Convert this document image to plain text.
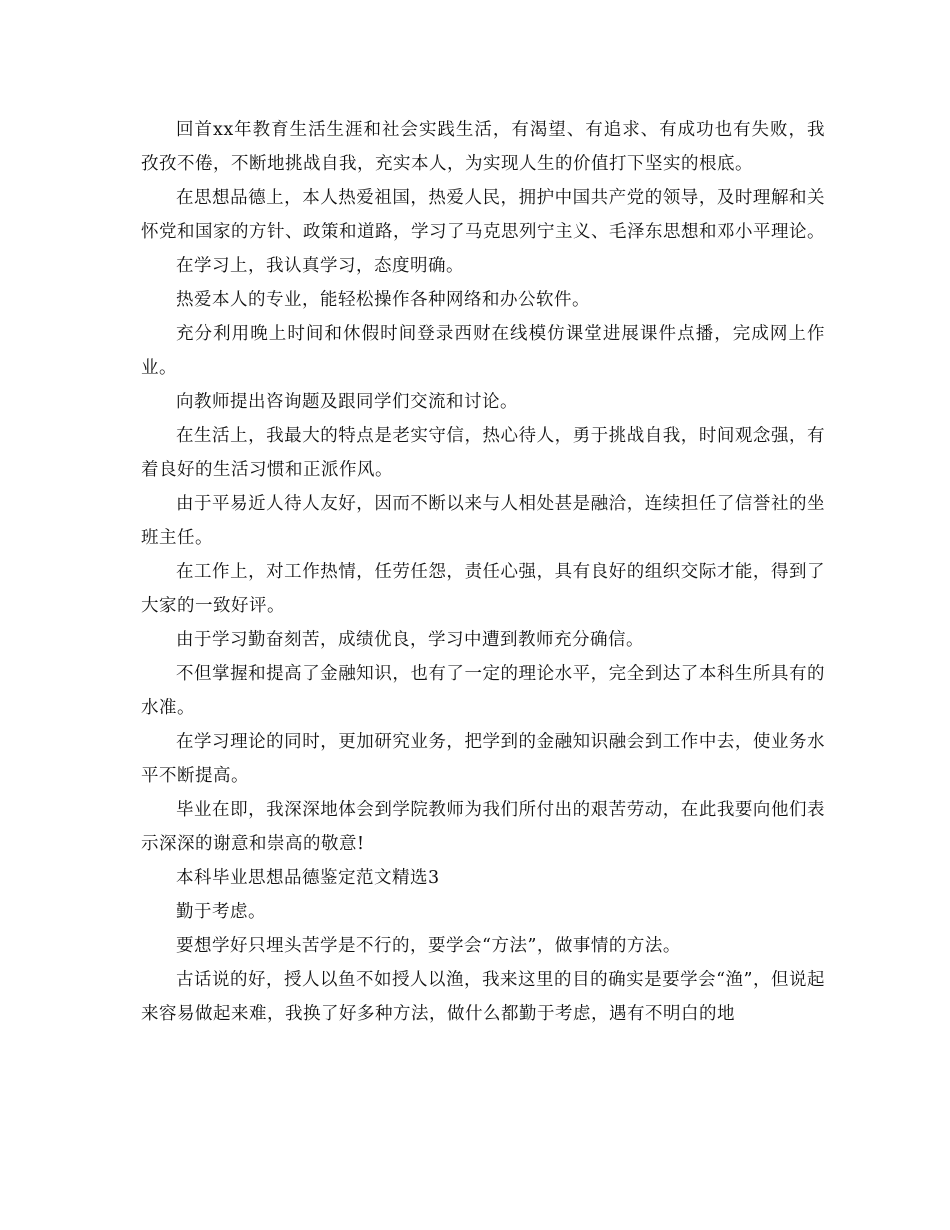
回首xx年教育生活生涯和社会实践生活，有渴望、有追求、有成功也有失败，我孜孜不倦，不断地挑战自我，充实本人，为实现人生的价值打下坚实的根底。

在思想品德上，本人热爱祖国，热爱人民，拥护中国共产党的领导，及时理解和关怀党和国家的方针、政策和道路，学习了马克思列宁主义、毛泽东思想和邓小平理论。

在学习上，我认真学习，态度明确。

热爱本人的专业，能轻松操作各种网络和办公软件。

充分利用晚上时间和休假时间登录西财在线模仿课堂进展课件点播，完成网上作业。

向教师提出咨询题及跟同学们交流和讨论。

在生活上，我最大的特点是老实守信，热心待人，勇于挑战自我，时间观念强，有着良好的生活习惯和正派作风。

由于平易近人待人友好，因而不断以来与人相处甚是融洽，连续担任了信誉社的坐班主任。

在工作上，对工作热情，任劳任怨，责任心强，具有良好的组织交际才能，得到了大家的一致好评。

由于学习勤奋刻苦，成绩优良，学习中遭到教师充分确信。

不但掌握和提高了金融知识，也有了一定的理论水平，完全到达了本科生所具有的水准。

在学习理论的同时，更加研究业务，把学到的金融知识融会到工作中去，使业务水平不断提高。

毕业在即，我深深地体会到学院教师为我们所付出的艰苦劳动，在此我要向他们表示深深的谢意和崇高的敬意!

本科毕业思想品德鉴定范文精选3

勤于考虑。

要想学好只埋头苦学是不行的，要学会“方法”，做事情的方法。

古话说的好，授人以鱼不如授人以渔，我来这里的目的确实是要学会“渔”，但说起来容易做起来难，我换了好多种方法，做什么都勤于考虑，遇有不明白的地
